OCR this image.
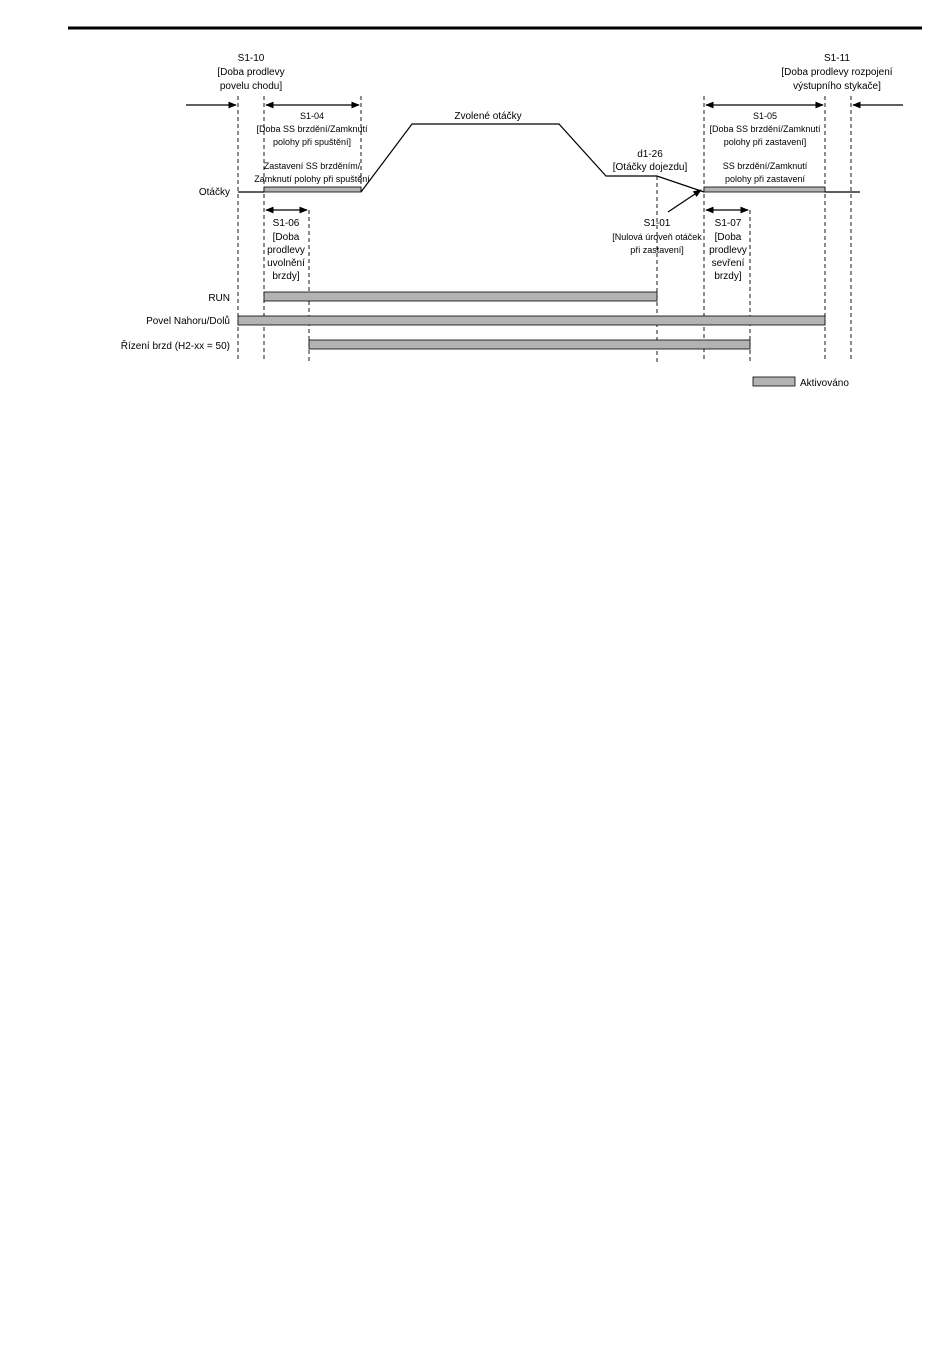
S1-10
[Doba prodlevy
povelu chodu]
S1-11
[Doba prodlevy rozpojení
výstupního stykače]
S1-04
[Doba SS brzdění/Zamknutí
polohy při spuštění]
Zastavení SS brzděním/
Zamknutí polohy při spuštění
Zvolené otáčky
d1-26
[Otáčky dojezdu]
S1-05
[Doba SS brzdění/Zamknutí
polohy při zastavení]
SS brzdění/Zamknutí
polohy při zastavení
Otáčky
S1-06
[Doba
prodlevy
uvolnění
brzdy]
S1-01
[Nulová úroveň otáček
při zastavení]
S1-07
[Doba
prodlevy
sevření
brzdy]
RUN
Povel Nahoru/Dolů
Řízení brzd (H2-xx = 50)
Aktivováno
